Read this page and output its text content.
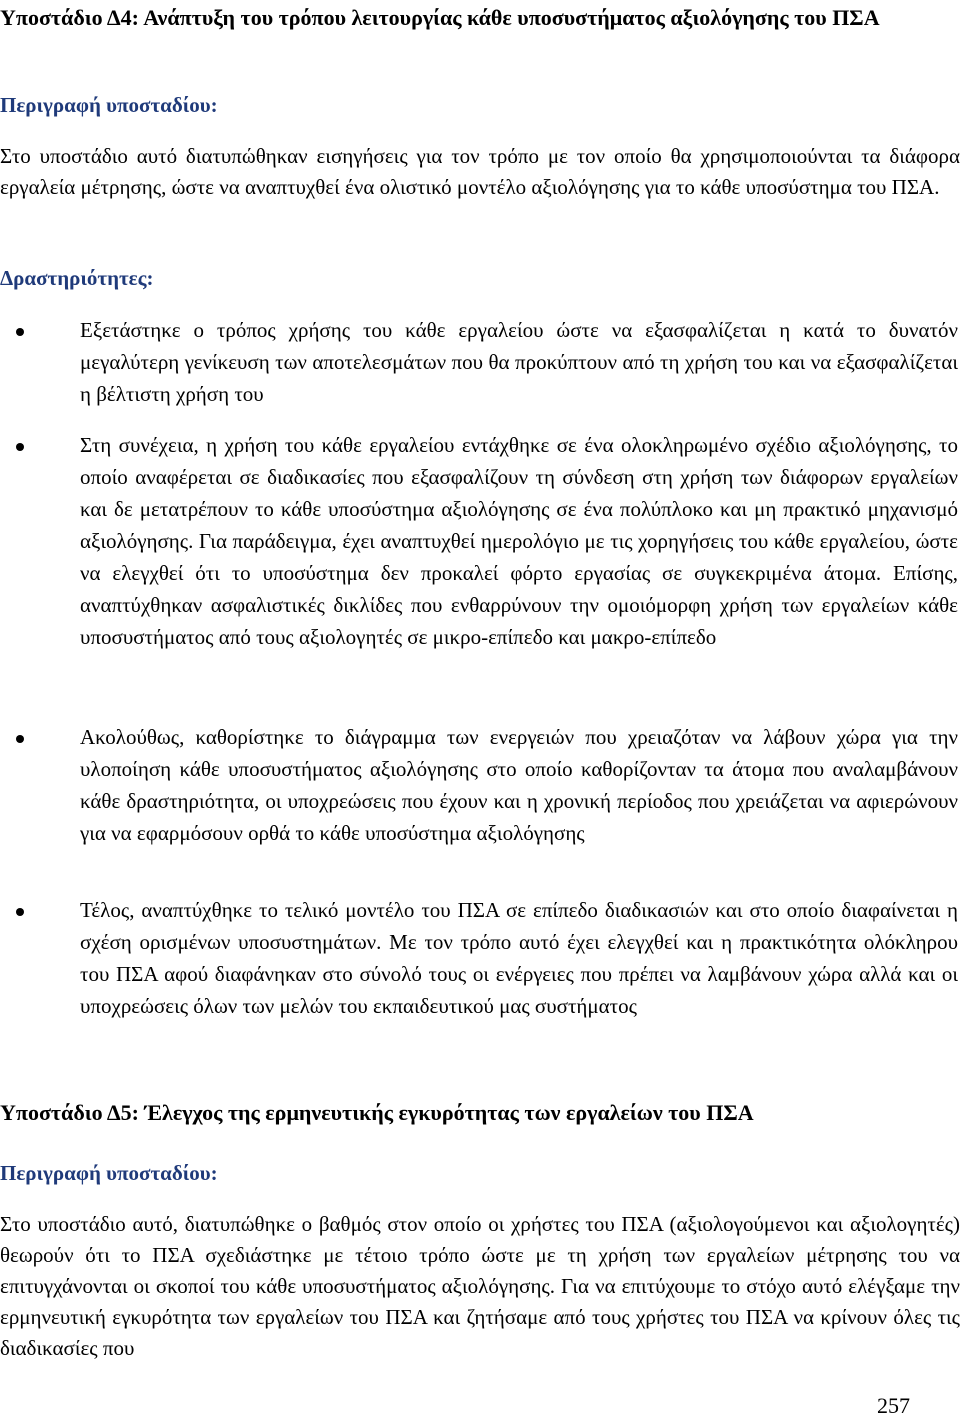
Υποστάδιο Δ4: Ανάπτυξη του τρόπου λειτουργίας κάθε υποσυστήματος αξιολόγησης του ΠΣΑ

Περιγραφή υποσταδίου:

Στο υποστάδιο αυτό διατυπώθηκαν εισηγήσεις για τον τρόπο με τον οποίο θα χρησιμοποιούνται τα διάφορα εργαλεία μέτρησης, ώστε να αναπτυχθεί ένα ολιστικό μοντέλο αξιολόγησης για το κάθε υποσύστημα του ΠΣΑ.

Δραστηριότητες:

Εξετάστηκε ο τρόπος χρήσης του κάθε εργαλείου ώστε να εξασφαλίζεται η κατά το δυνατόν μεγαλύτερη γενίκευση των αποτελεσμάτων που θα προκύπτουν από τη χρήση του και να εξασφαλίζεται η βέλτιστη χρήση του
Στη συνέχεια, η χρήση του κάθε εργαλείου εντάχθηκε σε ένα ολοκληρωμένο σχέδιο αξιολόγησης, το οποίο αναφέρεται σε διαδικασίες που εξασφαλίζουν τη σύνδεση στη χρήση των διάφορων εργαλείων και δε μετατρέπουν το κάθε υποσύστημα αξιολόγησης σε ένα πολύπλοκο και μη πρακτικό μηχανισμό αξιολόγησης. Για παράδειγμα, έχει αναπτυχθεί ημερολόγιο με τις χορηγήσεις του κάθε εργαλείου, ώστε να ελεγχθεί ότι το υποσύστημα δεν προκαλεί φόρτο εργασίας σε συγκεκριμένα άτομα. Επίσης, αναπτύχθηκαν ασφαλιστικές δικλίδες που ενθαρρύνουν την ομοιόμορφη χρήση των εργαλείων κάθε υποσυστήματος από τους αξιολογητές σε μικρο-επίπεδο και μακρο-επίπεδο
Ακολούθως, καθορίστηκε το διάγραμμα των ενεργειών που χρειαζόταν να λάβουν χώρα για την υλοποίηση κάθε υποσυστήματος αξιολόγησης στο οποίο καθορίζονταν τα άτομα που αναλαμβάνουν κάθε δραστηριότητα, οι υποχρεώσεις που έχουν και η χρονική περίοδος που χρειάζεται να αφιερώνουν για να εφαρμόσουν ορθά το κάθε υποσύστημα αξιολόγησης
Τέλος, αναπτύχθηκε το τελικό μοντέλο του ΠΣΑ σε επίπεδο διαδικασιών και στο οποίο διαφαίνεται η σχέση ορισμένων υποσυστημάτων. Με τον τρόπο αυτό έχει ελεγχθεί και η πρακτικότητα ολόκληρου του ΠΣΑ αφού διαφάνηκαν στο σύνολό τους οι ενέργειες που πρέπει να λαμβάνουν χώρα αλλά και οι υποχρεώσεις όλων των μελών του εκπαιδευτικού μας συστήματος

Υποστάδιο Δ5: Έλεγχος της ερμηνευτικής εγκυρότητας των εργαλείων του ΠΣΑ

Περιγραφή υποσταδίου:

Στο υποστάδιο αυτό, διατυπώθηκε ο βαθμός στον οποίο οι χρήστες του ΠΣΑ (αξιολογούμενοι και αξιολογητές) θεωρούν ότι το ΠΣΑ σχεδιάστηκε με τέτοιο τρόπο ώστε με τη χρήση των εργαλείων μέτρησης του να επιτυγχάνονται οι σκοποί του κάθε υποσυστήματος αξιολόγησης. Για να επιτύχουμε το στόχο αυτό ελέγξαμε την ερμηνευτική εγκυρότητα των εργαλείων του ΠΣΑ και ζητήσαμε από τους χρήστες του ΠΣΑ να κρίνουν όλες τις διαδικασίες που

257
